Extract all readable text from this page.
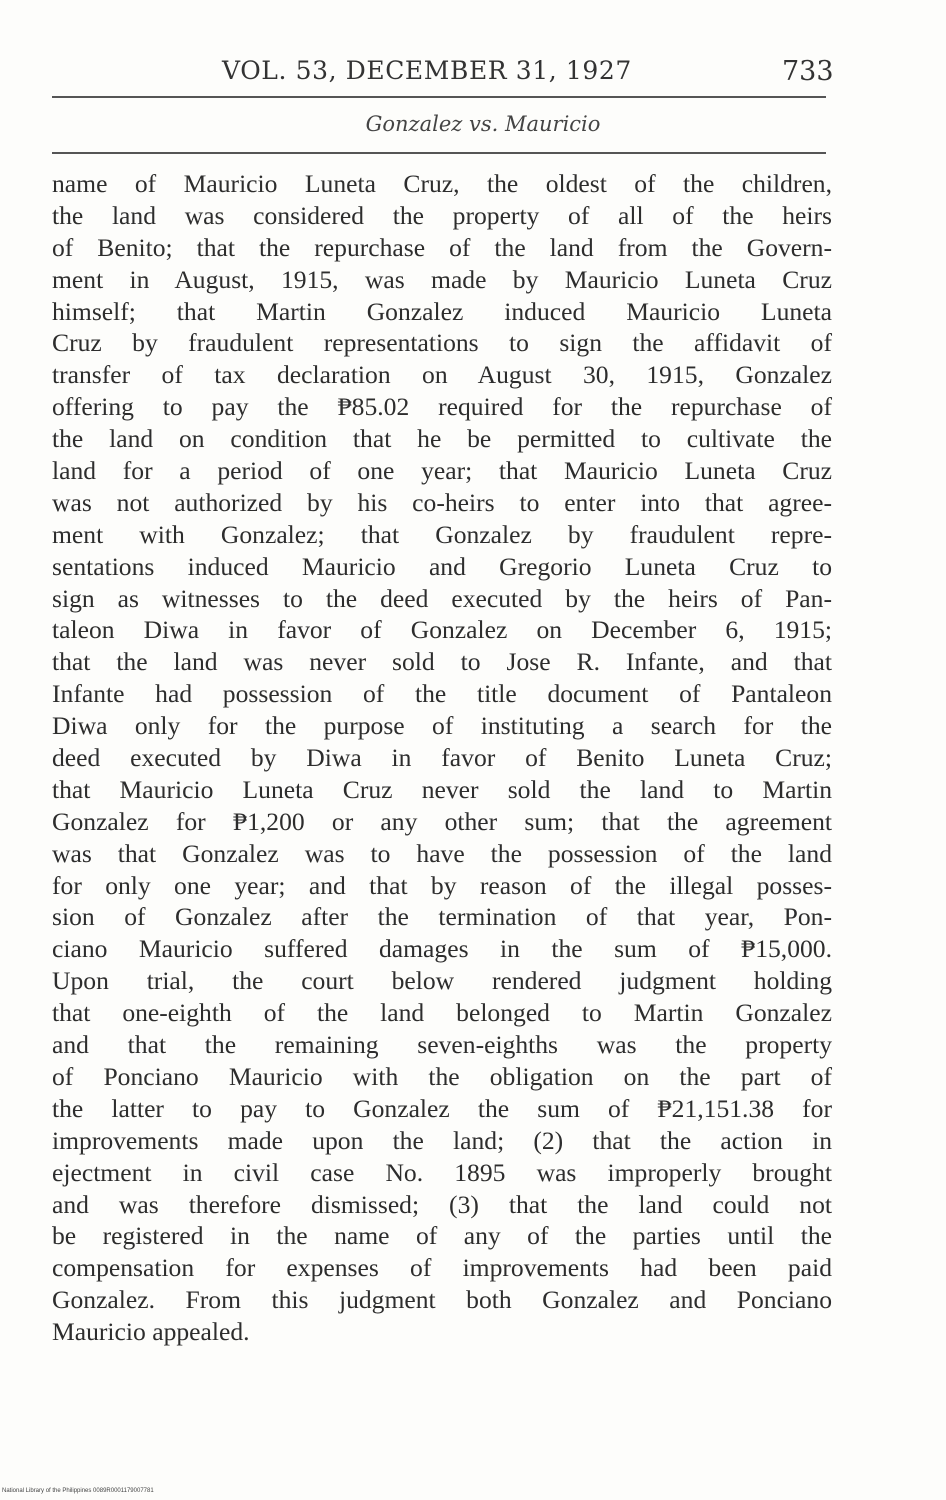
VOL. 53, DECEMBER 31, 1927	733
Gonzalez vs. Mauricio
name of Mauricio Luneta Cruz, the oldest of the children,
the land was considered the property of all of the heirs
of Benito; that the repurchase of the land from the Govern-
ment in August, 1915, was made by Mauricio Luneta Cruz
himself; that Martin Gonzalez induced Mauricio Luneta
Cruz by fraudulent representations to sign the affidavit of
transfer of tax declaration on August 30, 1915, Gonzalez
offering to pay the ₱85.02 required for the repurchase of
the land on condition that he be permitted to cultivate the
land for a period of one year; that Mauricio Luneta Cruz
was not authorized by his co-heirs to enter into that agree-
ment with Gonzalez; that Gonzalez by fraudulent repre-
sentations induced Mauricio and Gregorio Luneta Cruz to
sign as witnesses to the deed executed by the heirs of Pan-
taleon Diwa in favor of Gonzalez on December 6, 1915;
that the land was never sold to Jose R. Infante, and that
Infante had possession of the title document of Pantaleon
Diwa only for the purpose of instituting a search for the
deed executed by Diwa in favor of Benito Luneta Cruz;
that Mauricio Luneta Cruz never sold the land to Martin
Gonzalez for ₱1,200 or any other sum; that the agreement
was that Gonzalez was to have the possession of the land
for only one year; and that by reason of the illegal posses-
sion of Gonzalez after the termination of that year, Pon-
ciano Mauricio suffered damages in the sum of ₱15,000.
Upon trial, the court below rendered judgment holding
that one-eighth of the land belonged to Martin Gonzalez
and that the remaining seven-eighths was the property
of Ponciano Mauricio with the obligation on the part of
the latter to pay to Gonzalez the sum of ₱21,151.38 for
improvements made upon the land; (2) that the action in
ejectment in civil case No. 1895 was improperly brought
and was therefore dismissed; (3) that the land could not
be registered in the name of any of the parties until the
compensation for expenses of improvements had been paid
Gonzalez. From this judgment both Gonzalez and Ponciano
Mauricio appealed.
National Library of the Philippines 0089R0001179007781
